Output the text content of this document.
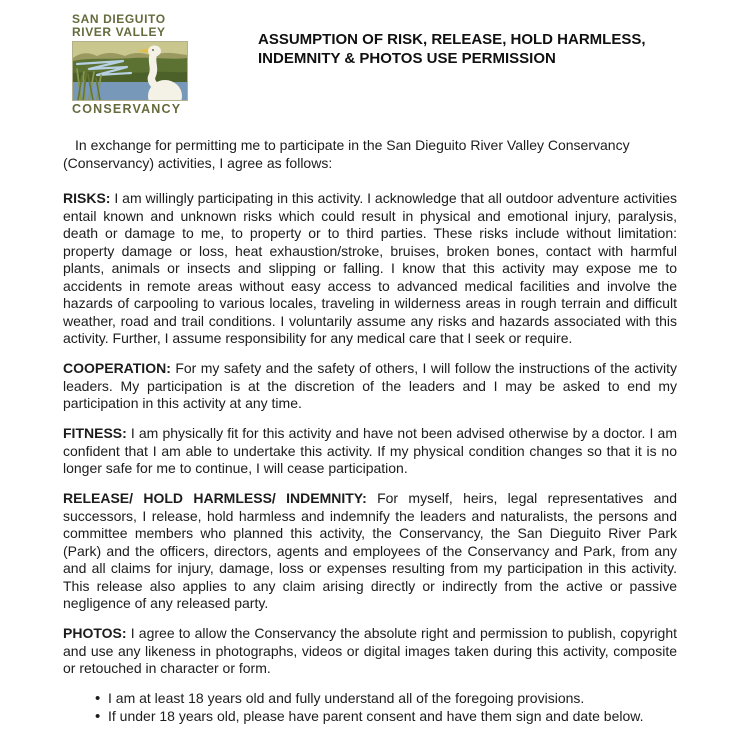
SAN DIEGUITO
RIVER VALLEY
CONSERVANCY
ASSUMPTION OF RISK, RELEASE, HOLD HARMLESS,
INDEMNITY & PHOTOS USE PERMISSION

In exchange for permitting me to participate in the San Dieguito River Valley Conservancy (Conservancy) activities, I agree as follows:

RISKS: I am willingly participating in this activity. I acknowledge that all outdoor adventure activities entail known and unknown risks which could result in physical and emotional injury, paralysis, death or damage to me, to property or to third parties. These risks include without limitation: property damage or loss, heat exhaustion/stroke, bruises, broken bones, contact with harmful plants, animals or insects and slipping or falling. I know that this activity may expose me to accidents in remote areas without easy access to advanced medical facilities and involve the hazards of carpooling to various locales, traveling in wilderness areas in rough terrain and difficult weather, road and trail conditions. I voluntarily assume any risks and hazards associated with this activity. Further, I assume responsibility for any medical care that I seek or require.

COOPERATION: For my safety and the safety of others, I will follow the instructions of the activity leaders. My participation is at the discretion of the leaders and I may be asked to end my participation in this activity at any time.

FITNESS: I am physically fit for this activity and have not been advised otherwise by a doctor. I am confident that I am able to undertake this activity. If my physical condition changes so that it is no longer safe for me to continue, I will cease participation.

RELEASE/ HOLD HARMLESS/ INDEMNITY: For myself, heirs, legal representatives and successors, I release, hold harmless and indemnify the leaders and naturalists, the persons and committee members who planned this activity, the Conservancy, the San Dieguito River Park (Park) and the officers, directors, agents and employees of the Conservancy and Park, from any and all claims for injury, damage, loss or expenses resulting from my participation in this activity. This release also applies to any claim arising directly or indirectly from the active or passive negligence of any released party.

PHOTOS: I agree to allow the Conservancy the absolute right and permission to publish, copyright and use any likeness in photographs, videos or digital images taken during this activity, composite or retouched in character or form.

• I am at least 18 years old and fully understand all of the foregoing provisions.
• If under 18 years old, please have parent consent and have them sign and date below.
